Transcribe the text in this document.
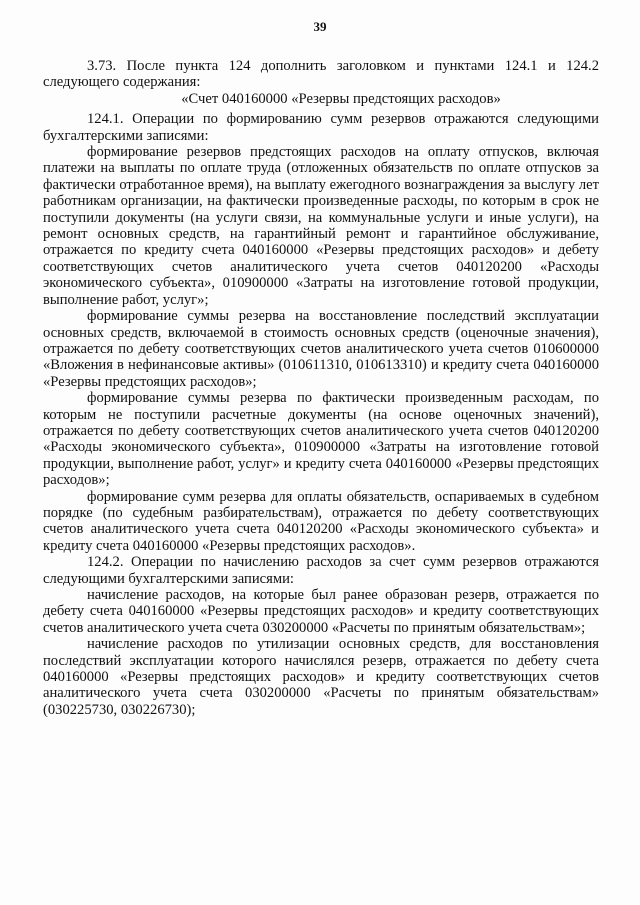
39

3.73. После пункта 124 дополнить заголовком и пунктами 124.1 и 124.2 следующего содержания:

«Счет 040160000 «Резервы предстоящих расходов»

124.1. Операции по формированию сумм резервов отражаются следующими бухгалтерскими записями:

формирование резервов предстоящих расходов на оплату отпусков, включая платежи на выплаты по оплате труда (отложенных обязательств по оплате отпусков за фактически отработанное время), на выплату ежегодного вознаграждения за выслугу лет работникам организации, на фактически произведенные расходы, по которым в срок не поступили документы (на услуги связи, на коммунальные услуги и иные услуги), на ремонт основных средств, на гарантийный ремонт и гарантийное обслуживание, отражается по кредиту счета 040160000 «Резервы предстоящих расходов» и дебету соответствующих счетов аналитического учета счетов 040120200 «Расходы экономического субъекта», 010900000 «Затраты на изготовление готовой продукции, выполнение работ, услуг»;

формирование суммы резерва на восстановление последствий эксплуатации основных средств, включаемой в стоимость основных средств (оценочные значения), отражается по дебету соответствующих счетов аналитического учета счетов 010600000 «Вложения в нефинансовые активы» (010611310, 010613310) и кредиту счета 040160000 «Резервы предстоящих расходов»;

формирование суммы резерва по фактически произведенным расходам, по которым не поступили расчетные документы (на основе оценочных значений), отражается по дебету соответствующих счетов аналитического учета счетов 040120200 «Расходы экономического субъекта», 010900000 «Затраты на изготовление готовой продукции, выполнение работ, услуг» и кредиту счета 040160000 «Резервы предстоящих расходов»;

формирование сумм резерва для оплаты обязательств, оспариваемых в судебном порядке (по судебным разбирательствам), отражается по дебету соответствующих счетов аналитического учета счета 040120200 «Расходы экономического субъекта» и кредиту счета 040160000 «Резервы предстоящих расходов».

124.2. Операции по начислению расходов за счет сумм резервов отражаются следующими бухгалтерскими записями:

начисление расходов, на которые был ранее образован резерв, отражается по дебету счета 040160000 «Резервы предстоящих расходов» и кредиту соответствующих счетов аналитического учета счета 030200000 «Расчеты по принятым обязательствам»;

начисление расходов по утилизации основных средств, для восстановления последствий эксплуатации которого начислялся резерв, отражается по дебету счета 040160000 «Резервы предстоящих расходов» и кредиту соответствующих счетов аналитического учета счета 030200000 «Расчеты по принятым обязательствам» (030225730, 030226730);
